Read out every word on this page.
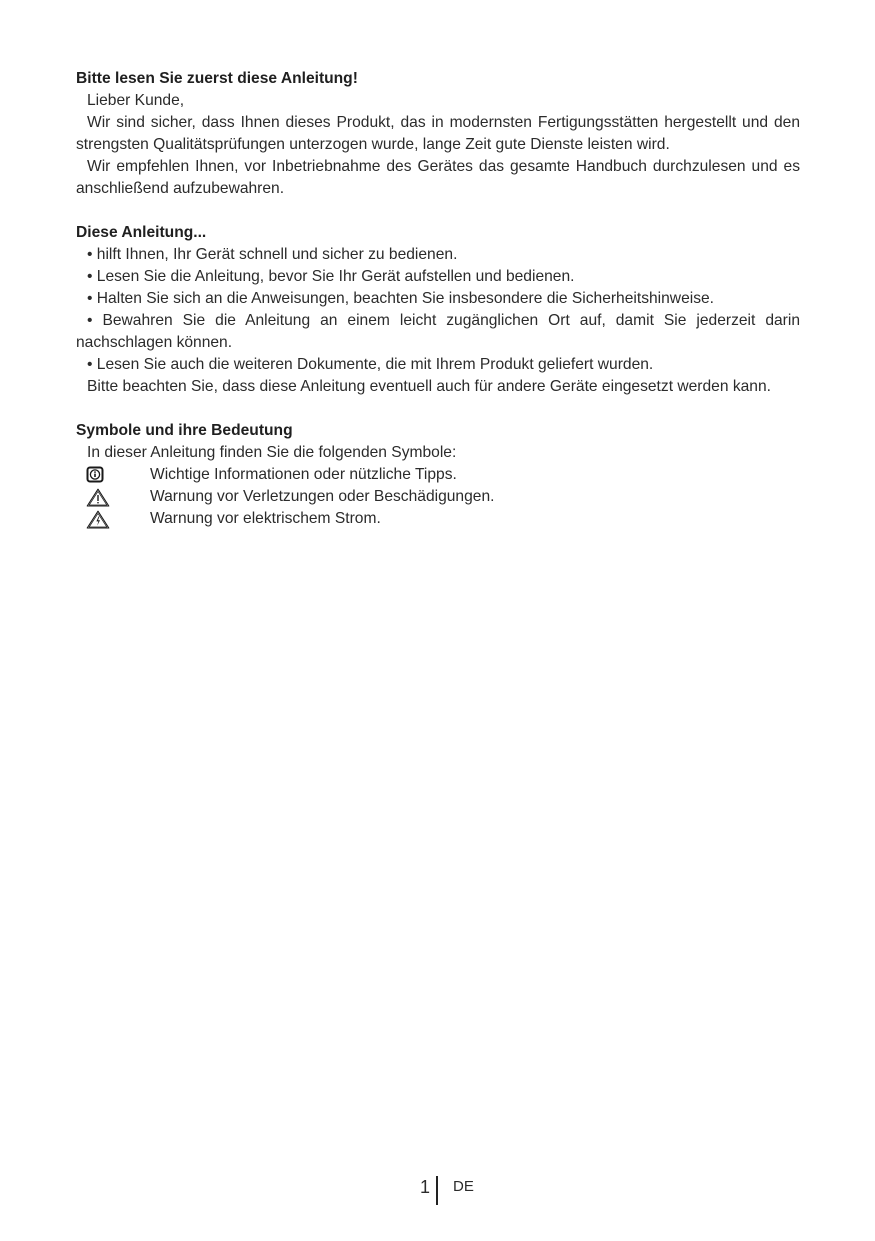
Bitte lesen Sie zuerst diese Anleitung!

Lieber Kunde,

Wir sind sicher, dass Ihnen dieses Produkt, das in modernsten Fertigungsstätten hergestellt und den strengsten Qualitätsprüfungen unterzogen wurde, lange Zeit gute Dienste leisten wird.

Wir empfehlen Ihnen, vor Inbetriebnahme des Gerätes das gesamte Handbuch durchzulesen und es anschließend aufzubewahren.

Diese Anleitung...

• hilft Ihnen, Ihr Gerät schnell und sicher zu bedienen.

• Lesen Sie die Anleitung, bevor Sie Ihr Gerät aufstellen und bedienen.

• Halten Sie sich an die Anweisungen, beachten Sie insbesondere die Sicherheitshinweise.

• Bewahren Sie die Anleitung an einem leicht zugänglichen Ort auf, damit Sie jederzeit darin nachschlagen können.

• Lesen Sie auch die weiteren Dokumente, die mit Ihrem Produkt geliefert wurden.

Bitte beachten Sie, dass diese Anleitung eventuell auch für andere Geräte eingesetzt werden kann.

Symbole und ihre Bedeutung

In dieser Anleitung finden Sie die folgenden Symbole:

Wichtige Informationen oder nützliche Tipps.
Warnung vor Verletzungen oder Beschädigungen.
Warnung vor elektrischem Strom.
1 DE
